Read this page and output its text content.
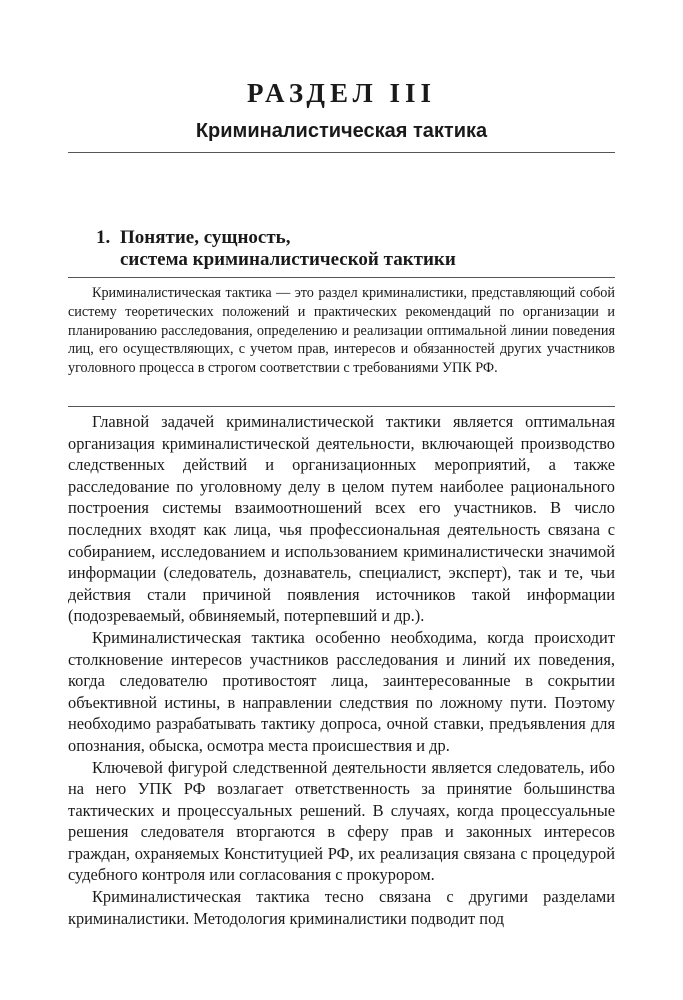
РАЗДЕЛ III
Криминалистическая тактика
1. Понятие, сущность,
система криминалистической тактики

Криминалистическая тактика — это раздел криминалистики, представляющий собой систему теоретических положений и практических рекомендаций по организации и планированию расследования, определению и реализации оптимальной линии поведения лиц, его осуществляющих, с учетом прав, интересов и обязанностей других участников уголовного процесса в строгом соответствии с требованиями УПК РФ.

Главной задачей криминалистической тактики является оптимальная организация криминалистической деятельности, включающей производство следственных действий и организационных мероприятий, а также расследование по уголовному делу в целом путем наиболее рационального построения системы взаимоотношений всех его участников. В число последних входят как лица, чья профессиональная деятельность связана с собиранием, исследованием и использованием криминалистически значимой информации (следователь, дознаватель, специалист, эксперт), так и те, чьи действия стали причиной появления источников такой информации (подозреваемый, обвиняемый, потерпевший и др.).

Криминалистическая тактика особенно необходима, когда происходит столкновение интересов участников расследования и линий их поведения, когда следователю противостоят лица, заинтересованные в сокрытии объективной истины, в направлении следствия по ложному пути. Поэтому необходимо разрабатывать тактику допроса, очной ставки, предъявления для опознания, обыска, осмотра места происшествия и др.

Ключевой фигурой следственной деятельности является следователь, ибо на него УПК РФ возлагает ответственность за принятие большинства тактических и процессуальных решений. В случаях, когда процессуальные решения следователя вторгаются в сферу прав и законных интересов граждан, охраняемых Конституцией РФ, их реализация связана с процедурой судебного контроля или согласования с прокурором.

Криминалистическая тактика тесно связана с другими разделами криминалистики. Методология криминалистики подводит под
